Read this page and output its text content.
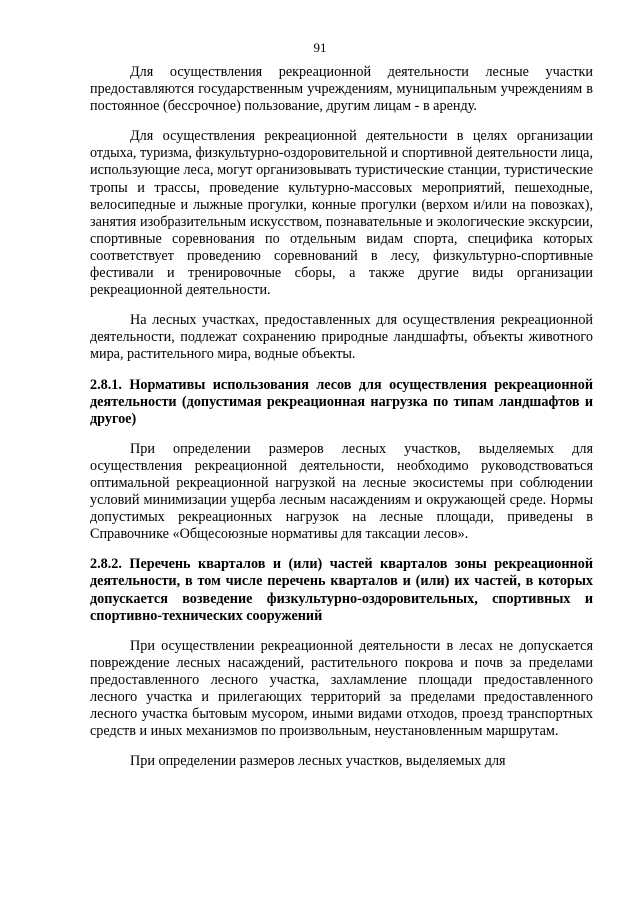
91

Для осуществления рекреационной деятельности лесные участки предоставляются государственным учреждениям, муниципальным учреждениям в постоянное (бессрочное) пользование, другим лицам - в аренду.

Для осуществления рекреационной деятельности в целях организации отдыха, туризма, физкультурно-оздоровительной и спортивной деятельности лица, использующие леса, могут организовывать туристические станции, туристические тропы и трассы, проведение культурно-массовых мероприятий, пешеходные, велосипедные и лыжные прогулки, конные прогулки (верхом и/или на повозках), занятия изобразительным искусством, познавательные и экологические экскурсии, спортивные соревнования по отдельным видам спорта, специфика которых соответствует проведению соревнований в лесу, физкультурно-спортивные фестивали и тренировочные сборы, а также другие виды организации рекреационной деятельности.

На лесных участках, предоставленных для осуществления рекреационной деятельности, подлежат сохранению природные ландшафты, объекты животного мира, растительного мира, водные объекты.

2.8.1. Нормативы использования лесов для осуществления рекреационной деятельности (допустимая рекреационная нагрузка по типам ландшафтов и другое)

При определении размеров лесных участков, выделяемых для осуществления рекреационной деятельности, необходимо руководствоваться оптимальной рекреационной нагрузкой на лесные экосистемы при соблюдении условий минимизации ущерба лесным насаждениям и окружающей среде. Нормы допустимых рекреационных нагрузок на лесные площади, приведены в Справочнике «Общесоюзные нормативы для таксации лесов».

2.8.2. Перечень кварталов и (или) частей кварталов зоны рекреационной деятельности, в том числе перечень кварталов и (или) их частей, в которых допускается возведение физкультурно-оздоровительных, спортивных и спортивно-технических сооружений

При осуществлении рекреационной деятельности в лесах не допускается повреждение лесных насаждений, растительного покрова и почв за пределами предоставленного лесного участка, захламление площади предоставленного лесного участка и прилегающих территорий за пределами предоставленного лесного участка бытовым мусором, иными видами отходов, проезд транспортных средств и иных механизмов по произвольным, неустановленным маршрутам.

При определении размеров лесных участков, выделяемых для
